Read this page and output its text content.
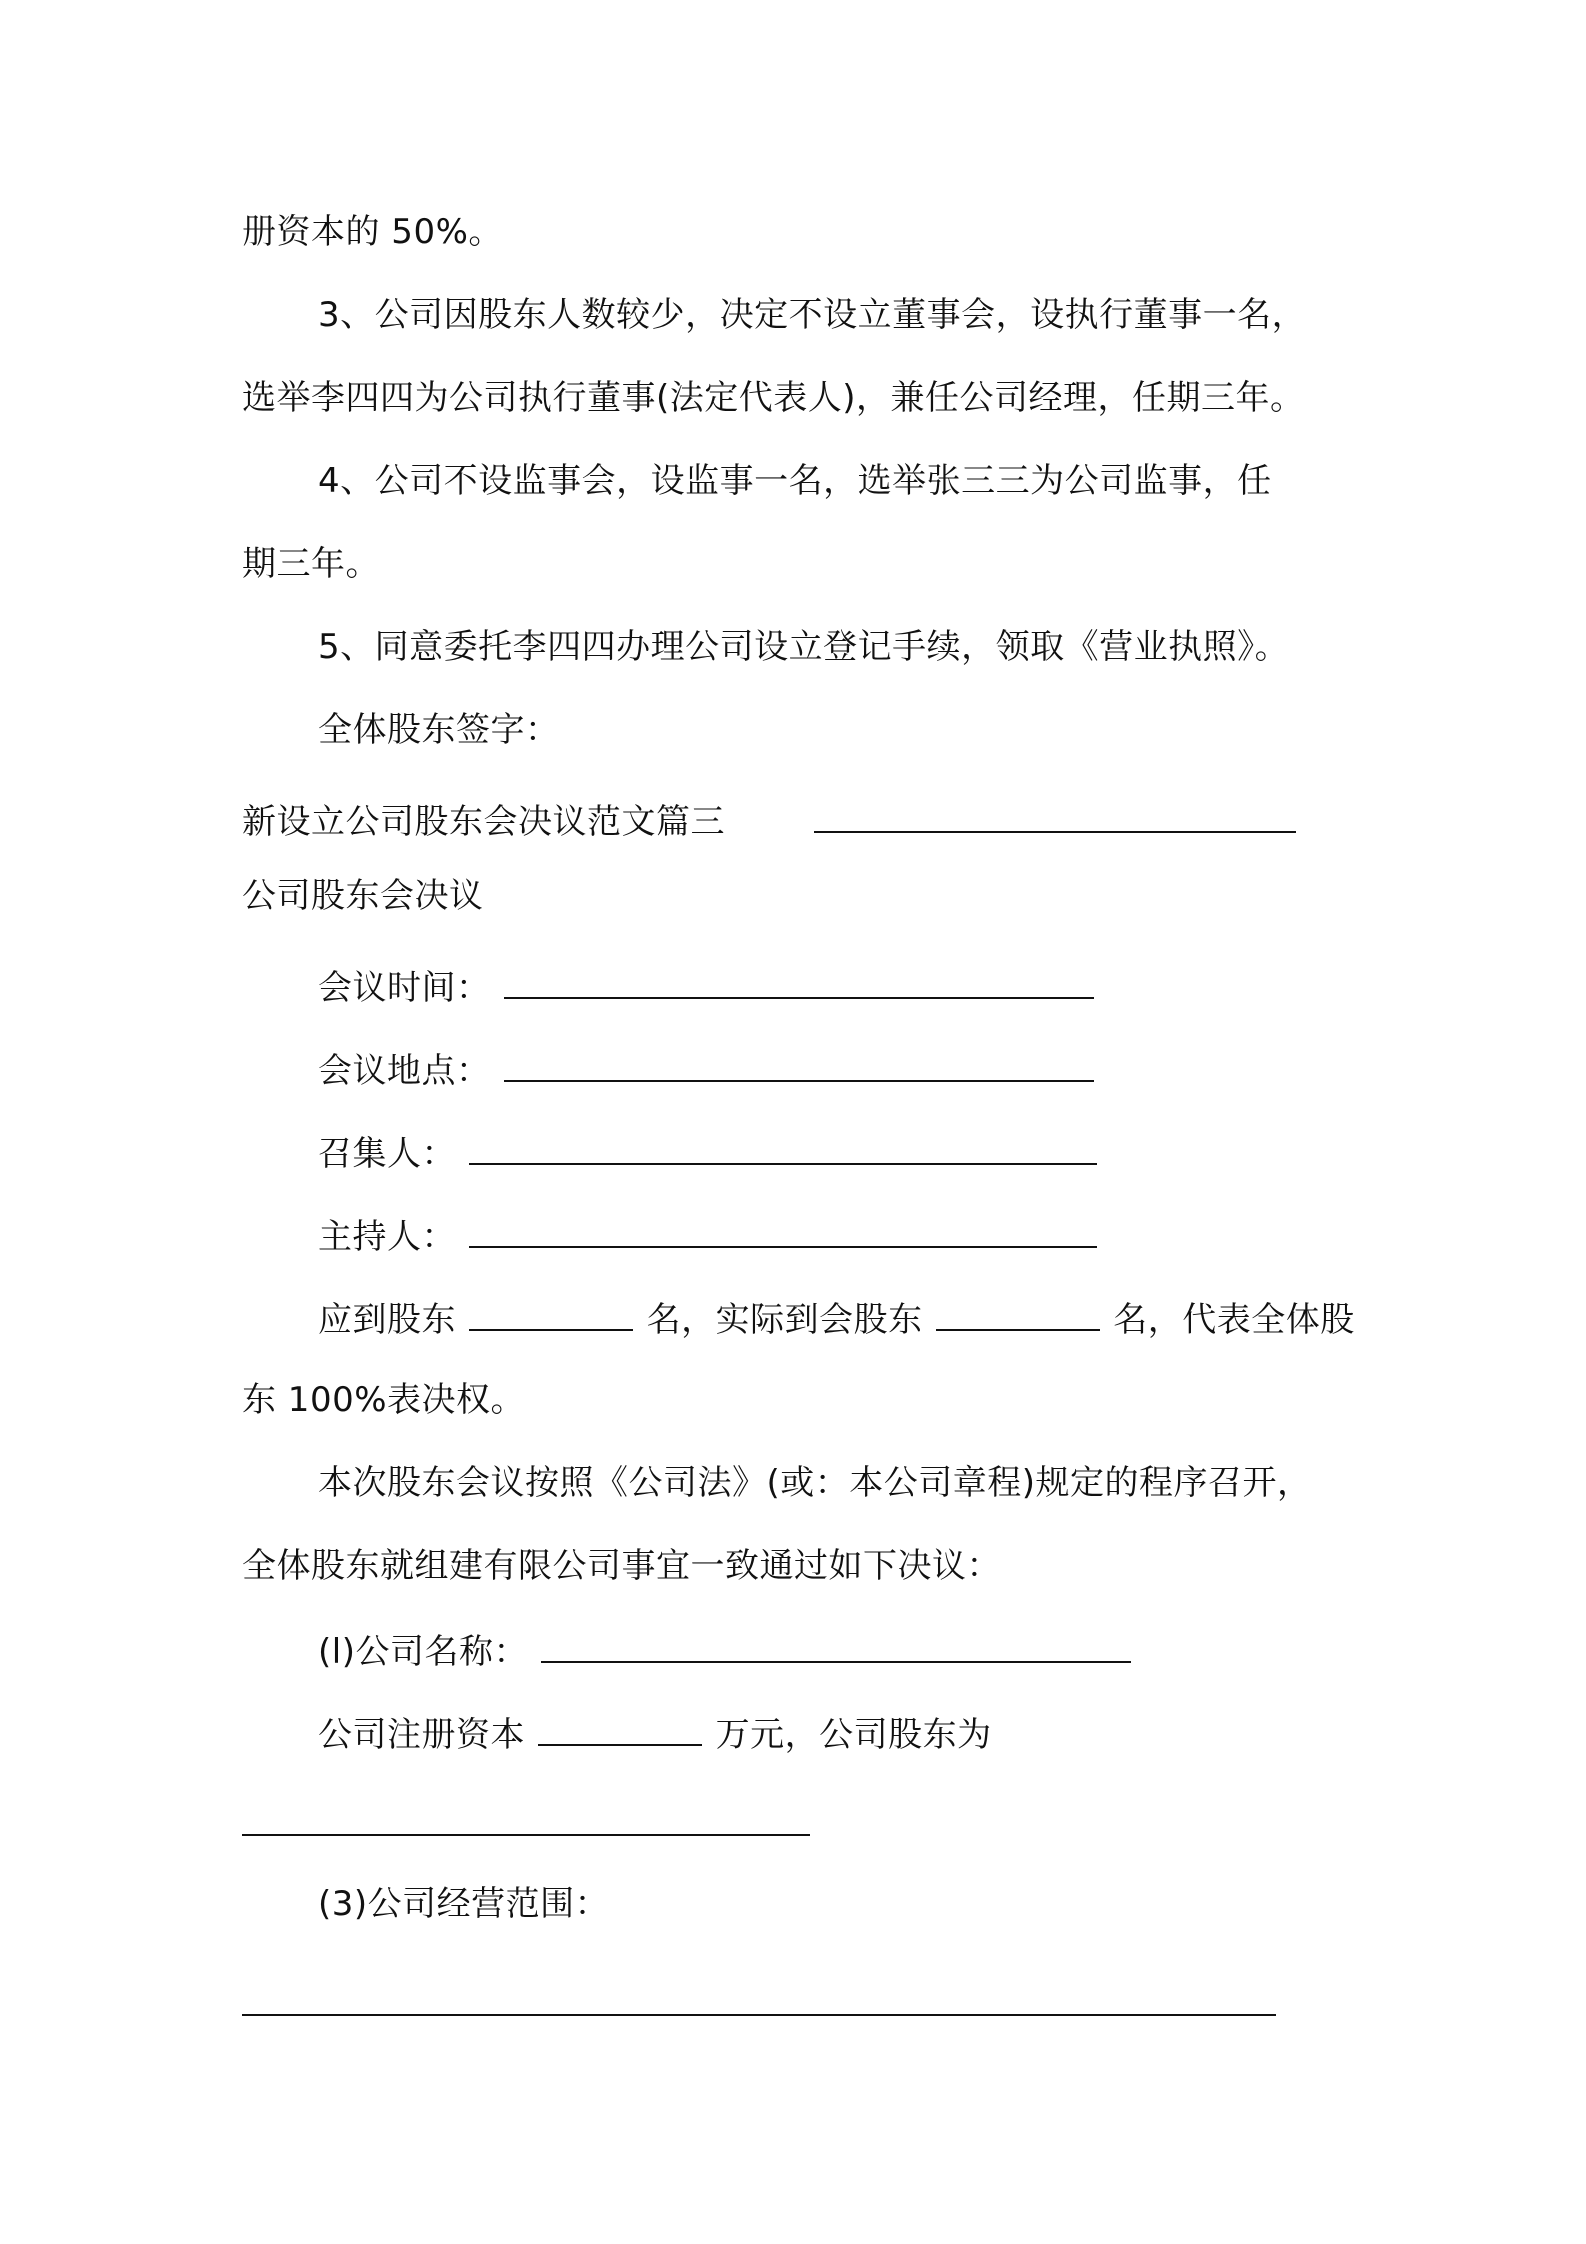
册资本的 50%。
3、公司因股东人数较少，决定不设立董事会，设执行董事一名，
选举李四四为公司执行董事(法定代表人)，兼任公司经理，任期三年。
4、公司不设监事会，设监事一名，选举张三三为公司监事，任
期三年。
5、同意委托李四四办理公司设立登记手续，领取《营业执照》。
全体股东签字：
新设立公司股东会决议范文篇三
公司股东会决议
会议时间：
会议地点：
召集人：
主持人：
应到股东	名，实际到会股东	名，代表全体股
东 100%表决权。
本次股东会议按照《公司法》(或：本公司章程)规定的程序召开，
全体股东就组建有限公司事宜一致通过如下决议：
(l)公司名称：
公司注册资本	万元，公司股东为
(3)公司经营范围：
